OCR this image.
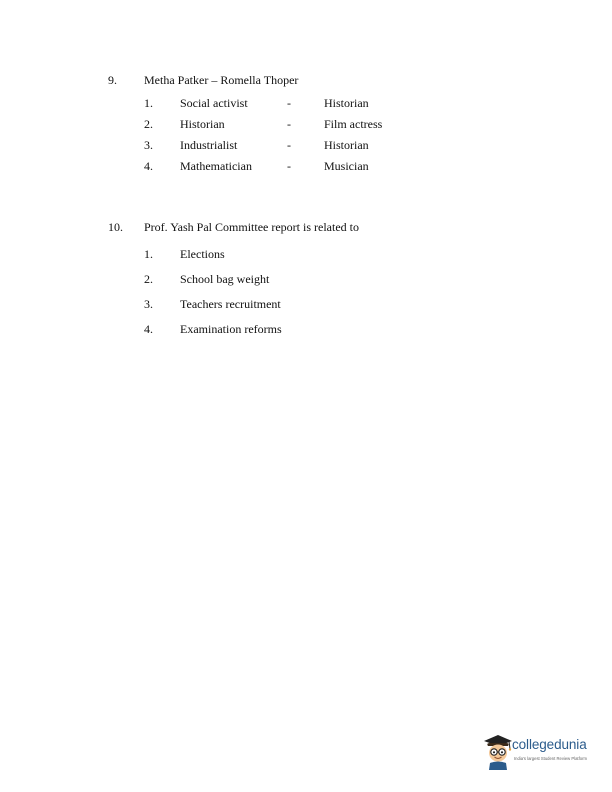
9. Metha Patker – Romella Thoper
1. Social activist	-	Historian
2. Historian	-	Film actress
3. Industrialist	-	Historian
4. Mathematician	-	Musician
10. Prof. Yash Pal Committee report is related to
1. Elections
2. School bag weight
3. Teachers recruitment
4. Examination reforms
collegedunia
India's largest Student Review Platform
